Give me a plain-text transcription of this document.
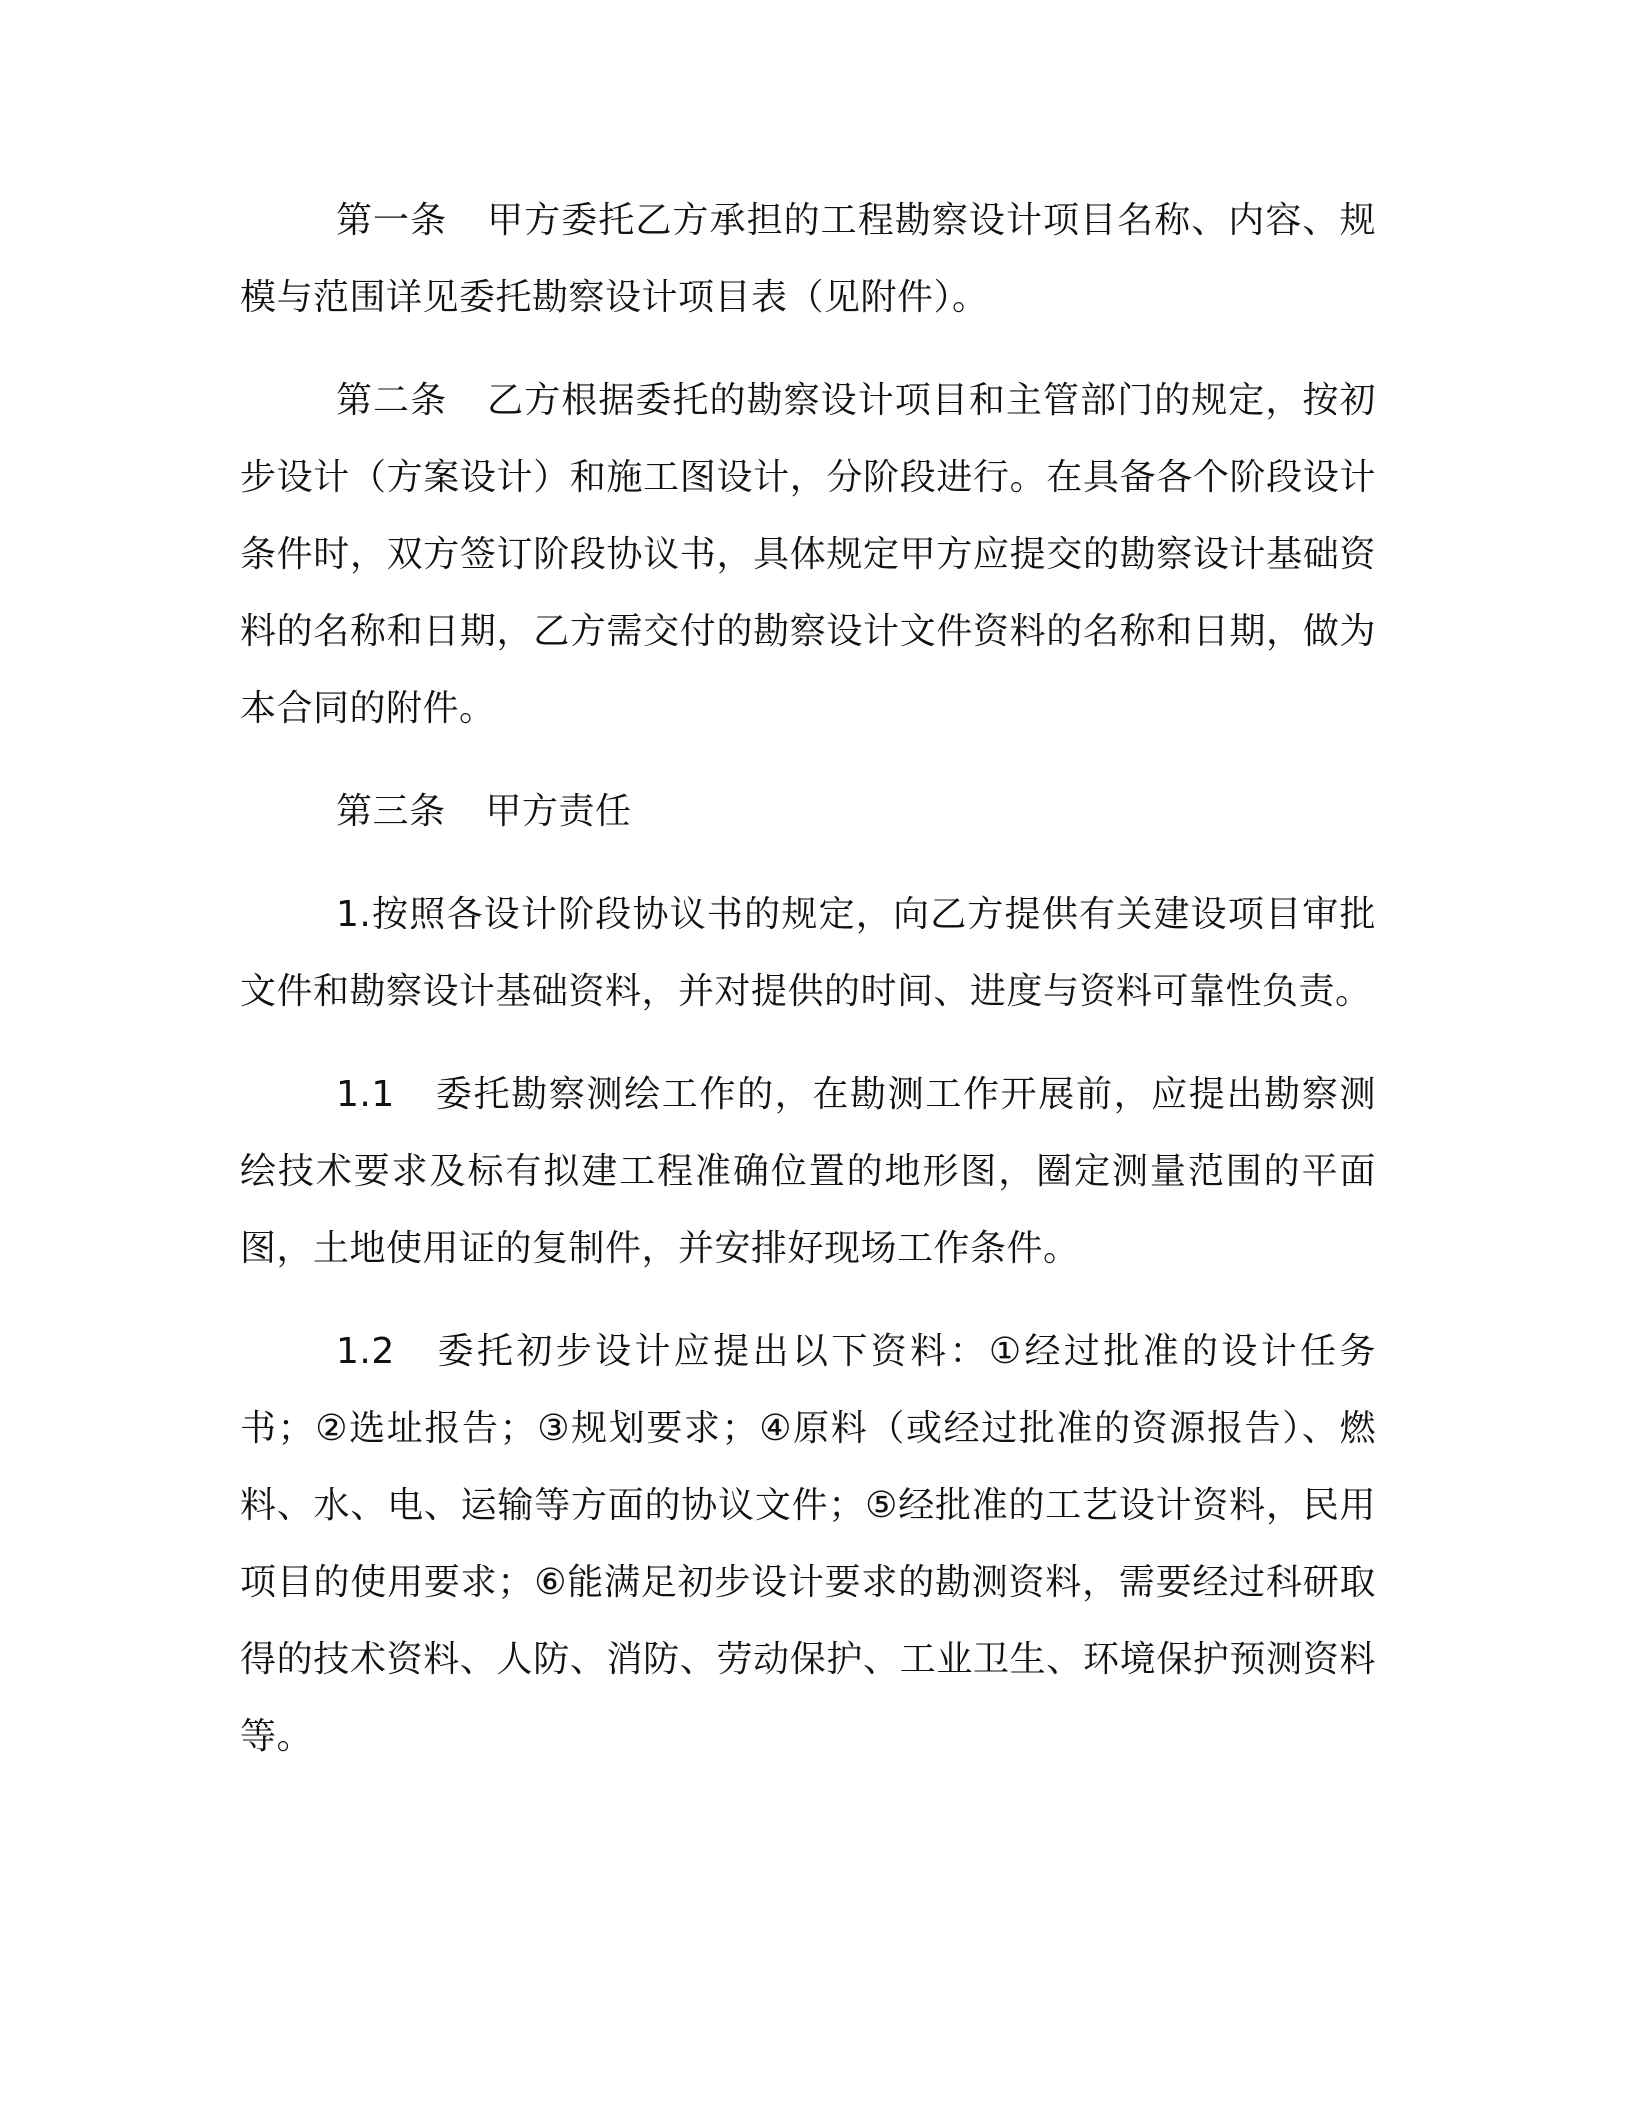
第一条 甲方委托乙方承担的工程勘察设计项目名称、内容、规模与范围详见委托勘察设计项目表（见附件）。

第二条 乙方根据委托的勘察设计项目和主管部门的规定，按初步设计（方案设计）和施工图设计，分阶段进行。在具备各个阶段设计条件时，双方签订阶段协议书，具体规定甲方应提交的勘察设计基础资料的名称和日期，乙方需交付的勘察设计文件资料的名称和日期，做为本合同的附件。

第三条 甲方责任

1.按照各设计阶段协议书的规定，向乙方提供有关建设项目审批文件和勘察设计基础资料，并对提供的时间、进度与资料可靠性负责。

1.1 委托勘察测绘工作的，在勘测工作开展前，应提出勘察测绘技术要求及标有拟建工程准确位置的地形图，圈定测量范围的平面图，土地使用证的复制件，并安排好现场工作条件。

1.2 委托初步设计应提出以下资料：①经过批准的设计任务书；②选址报告；③规划要求；④原料（或经过批准的资源报告）、燃料、水、电、运输等方面的协议文件；⑤经批准的工艺设计资料，民用项目的使用要求；⑥能满足初步设计要求的勘测资料，需要经过科研取得的技术资料、人防、消防、劳动保护、工业卫生、环境保护预测资料等。
